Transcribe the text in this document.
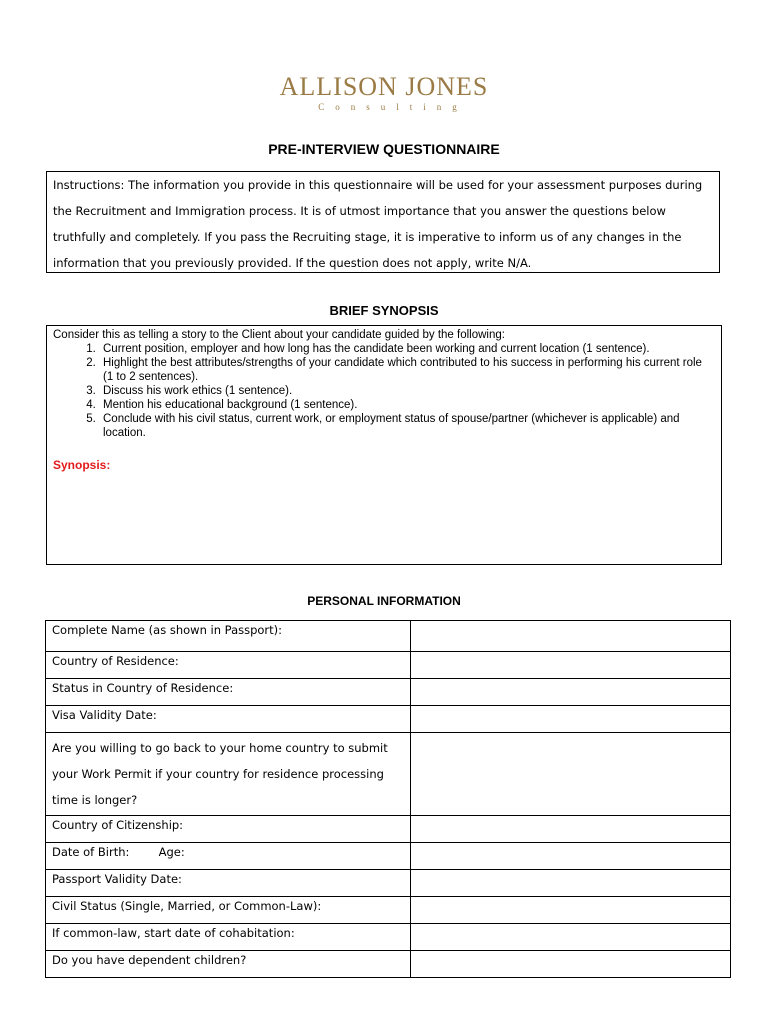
ALLISON JONES
Consulting
PRE-INTERVIEW QUESTIONNAIRE
Instructions: The information you provide in this questionnaire will be used for your assessment purposes during the Recruitment and Immigration process. It is of utmost importance that you answer the questions below truthfully and completely. If you pass the Recruiting stage, it is imperative to inform us of any changes in the information that you previously provided. If the question does not apply, write N/A.
BRIEF SYNOPSIS
Consider this as telling a story to the Client about your candidate guided by the following:
1. Current position, employer and how long has the candidate been working and current location (1 sentence).
2. Highlight the best attributes/strengths of your candidate which contributed to his success in performing his current role (1 to 2 sentences).
3. Discuss his work ethics (1 sentence).
4. Mention his educational background (1 sentence).
5. Conclude with his civil status, current work, or employment status of spouse/partner (whichever is applicable) and location.
Synopsis:
PERSONAL INFORMATION
Complete Name (as shown in Passport):	
Country of Residence:	
Status in Country of Residence:	
Visa Validity Date:	
Are you willing to go back to your home country to submit your Work Permit if your country for residence processing time is longer?	
Country of Citizenship:	
Date of Birth:        Age:	
Passport Validity Date:	
Civil Status (Single, Married, or Common-Law):	
If common-law, start date of cohabitation:	
Do you have dependent children?	
